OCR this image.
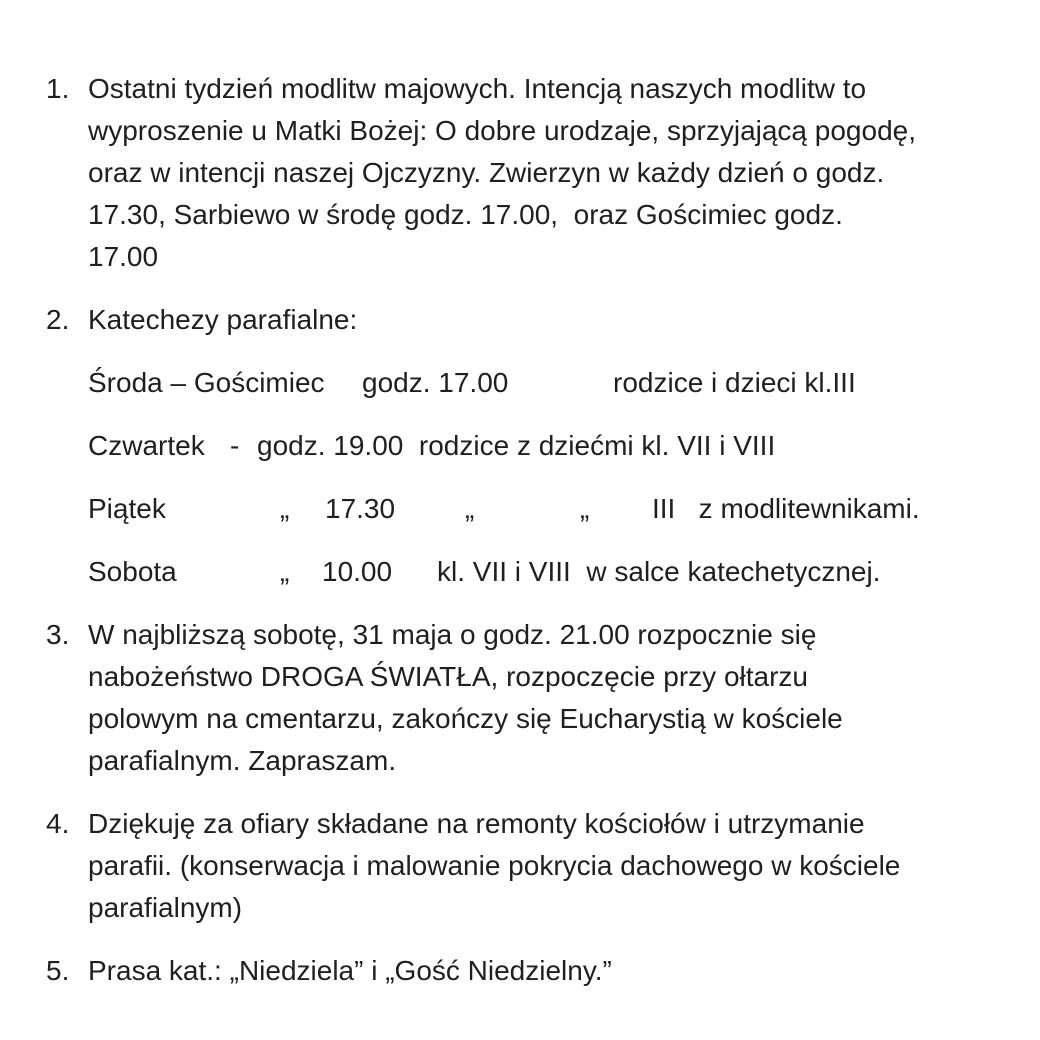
1. Ostatni tydzień modlitw majowych. Intencją naszych modlitw to
wyproszenie u Matki Bożej: O dobre urodzaje, sprzyjającą pogodę,
oraz w intencji naszej Ojczyzny. Zwierzyn w każdy dzień o godz.
17.30, Sarbiewo w środę godz. 17.00,  oraz Gościmiec godz.
17.00

2. Katechezy parafialne:

Środa – Gościmiec godz. 17.00	rodzice i dzieci kl.III

Czwartek - godz. 19.00  rodzice z dziećmi kl. VII i VIII

Piątek	„ 17.30 „	„ III   z modlitewnikami.

Sobota	„ 10.00 kl. VII i VIII  w salce katechetycznej.

3. W najbliższą sobotę, 31 maja o godz. 21.00 rozpocznie się
nabożeństwo DROGA ŚWIATŁA, rozpoczęcie przy ołtarzu
polowym na cmentarzu, zakończy się Eucharystią w kościele
parafialnym. Zapraszam.

4. Dziękuję za ofiary składane na remonty kościołów i utrzymanie
parafii. (konserwacja i malowanie pokrycia dachowego w kościele
parafialnym)

5. Prasa kat.: „Niedziela” i „Gość Niedzielny.”
